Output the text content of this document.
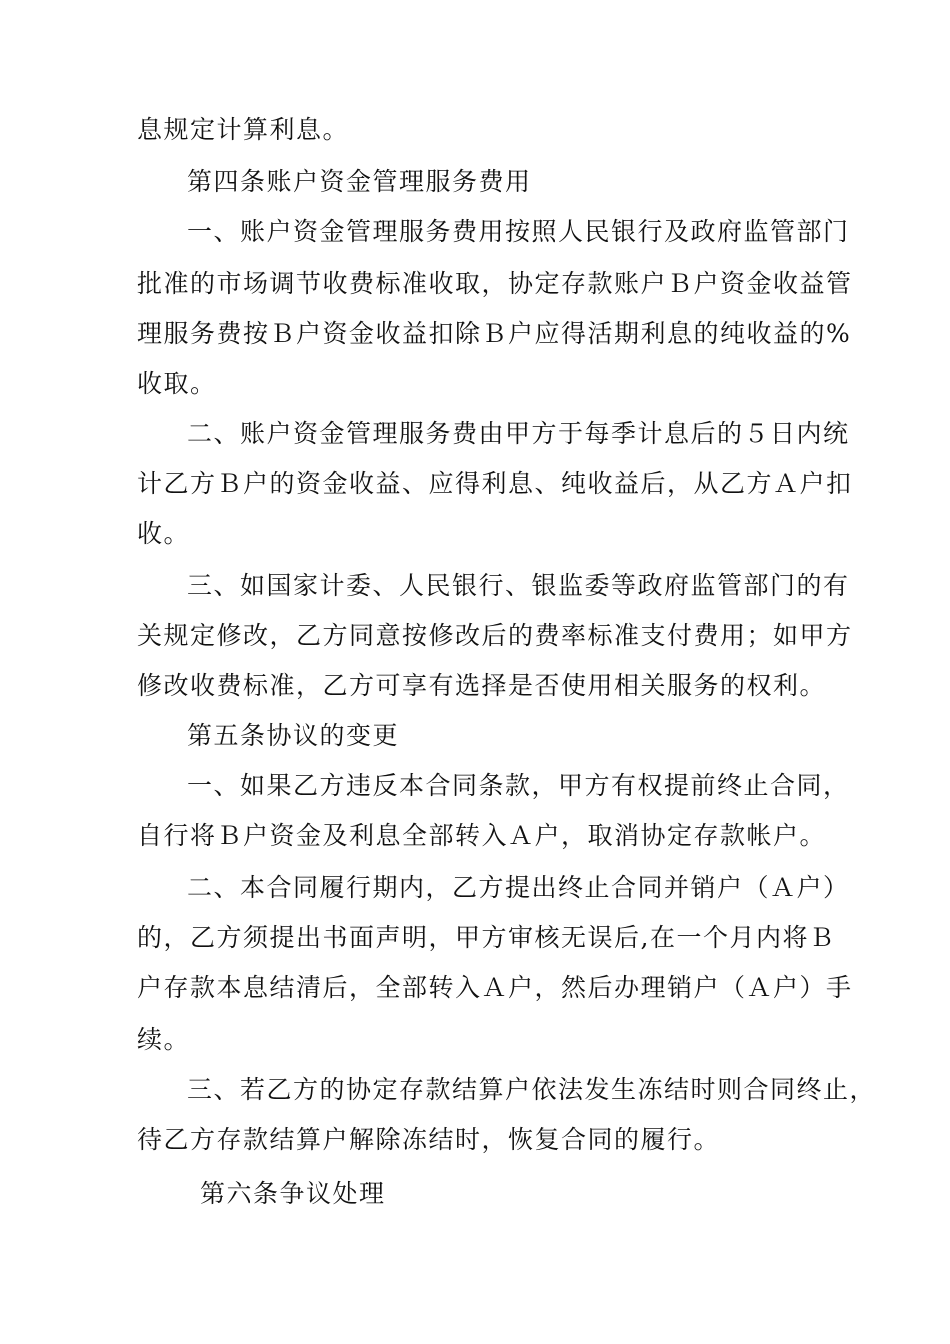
息规定计算利息。
第四条账户资金管理服务费用
一、账户资金管理服务费用按照人民银行及政府监管部门
批准的市场调节收费标准收取，协定存款账户Ｂ户资金收益管
理服务费按Ｂ户资金收益扣除Ｂ户应得活期利息的纯收益的%
收取。
二、账户资金管理服务费由甲方于每季计息后的５日内统
计乙方Ｂ户的资金收益、应得利息、纯收益后，从乙方Ａ户扣
收。
三、如国家计委、人民银行、银监委等政府监管部门的有
关规定修改，乙方同意按修改后的费率标准支付费用；如甲方
修改收费标准，乙方可享有选择是否使用相关服务的权利。
第五条协议的变更
一、如果乙方违反本合同条款，甲方有权提前终止合同，
自行将Ｂ户资金及利息全部转入Ａ户，取消协定存款帐户。
二、本合同履行期内，乙方提出终止合同并销户（Ａ户）
的，乙方须提出书面声明，甲方审核无误后,在一个月内将Ｂ
户存款本息结清后，全部转入Ａ户，然后办理销户（Ａ户）手
续。
三、若乙方的协定存款结算户依法发生冻结时则合同终止，
待乙方存款结算户解除冻结时，恢复合同的履行。
第六条争议处理
